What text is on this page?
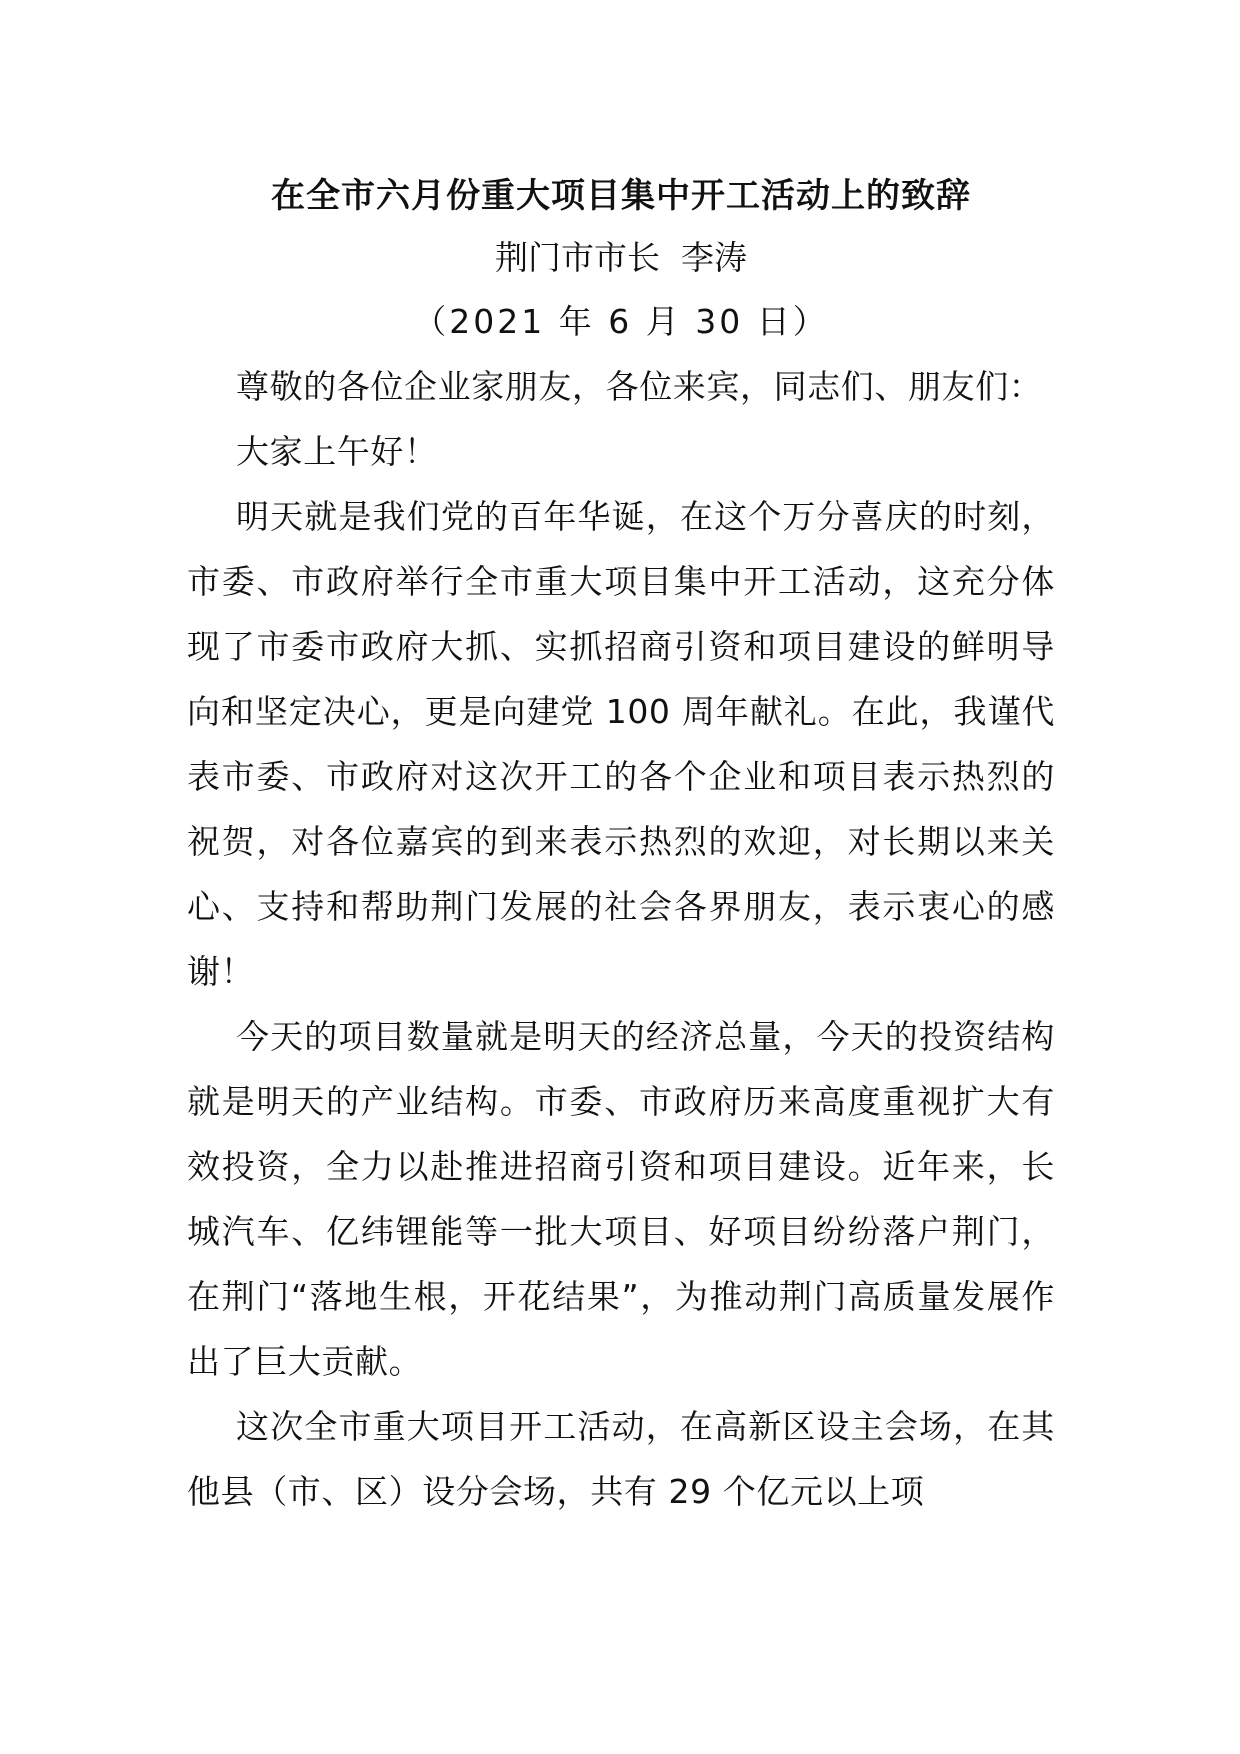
在全市六月份重大项目集中开工活动上的致辞

荆门市市长  李涛

（2021 年 6 月 30 日）

尊敬的各位企业家朋友，各位来宾，同志们、朋友们：

大家上午好！

明天就是我们党的百年华诞，在这个万分喜庆的时刻，市委、市政府举行全市重大项目集中开工活动，这充分体现了市委市政府大抓、实抓招商引资和项目建设的鲜明导向和坚定决心，更是向建党 100 周年献礼。在此，我谨代表市委、市政府对这次开工的各个企业和项目表示热烈的祝贺，对各位嘉宾的到来表示热烈的欢迎，对长期以来关心、支持和帮助荆门发展的社会各界朋友，表示衷心的感谢！

今天的项目数量就是明天的经济总量，今天的投资结构就是明天的产业结构。市委、市政府历来高度重视扩大有效投资，全力以赴推进招商引资和项目建设。近年来，长城汽车、亿纬锂能等一批大项目、好项目纷纷落户荆门，在荆门“落地生根，开花结果”，为推动荆门高质量发展作出了巨大贡献。

这次全市重大项目开工活动，在高新区设主会场，在其他县（市、区）设分会场，共有 29 个亿元以上项
